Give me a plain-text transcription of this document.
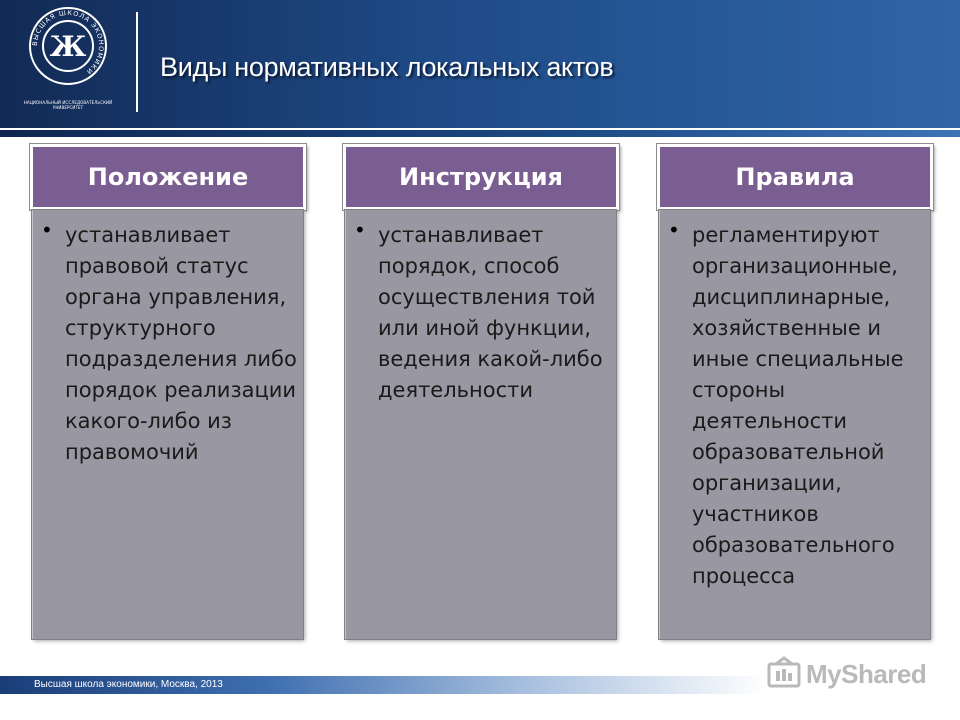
ВЫСШАЯ ШКОЛА ЭКОНОМИКИ
Ж
НАЦИОНАЛЬНЫЙ ИССЛЕДОВАТЕЛЬСКИЙ УНИВЕРСИТЕТ
Виды нормативных локальных актов
Положение
• устанавливает правовой статус органа управления, структурного подразделения либо порядок реализации какого-либо из правомочий
Инструкция
• устанавливает порядок, способ осуществления той или иной функции, ведения какой-либо деятельности
Правила
• регламентируют организационные, дисциплинарные, хозяйственные и иные специальные стороны деятельности образовательной организации, участников образовательного процесса
Высшая школа экономики, Москва, 2013	MyShared
